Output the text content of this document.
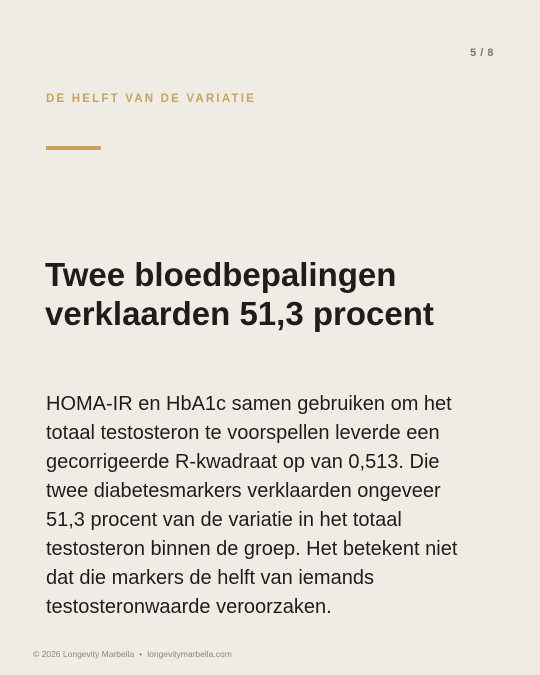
5 / 8
DE HELFT VAN DE VARIATIE
Twee bloedbepalingen
verklaarden 51,3 procent

HOMA-IR en HbA1c samen gebruiken om het
totaal testosteron te voorspellen leverde een
gecorrigeerde R-kwadraat op van 0,513. Die
twee diabetesmarkers verklaarden ongeveer
51,3 procent van de variatie in het totaal
testosteron binnen de groep. Het betekent niet
dat die markers de helft van iemands
testosteronwaarde veroorzaken.

© 2026 Longevity Marbella • longevitymarbella.com
